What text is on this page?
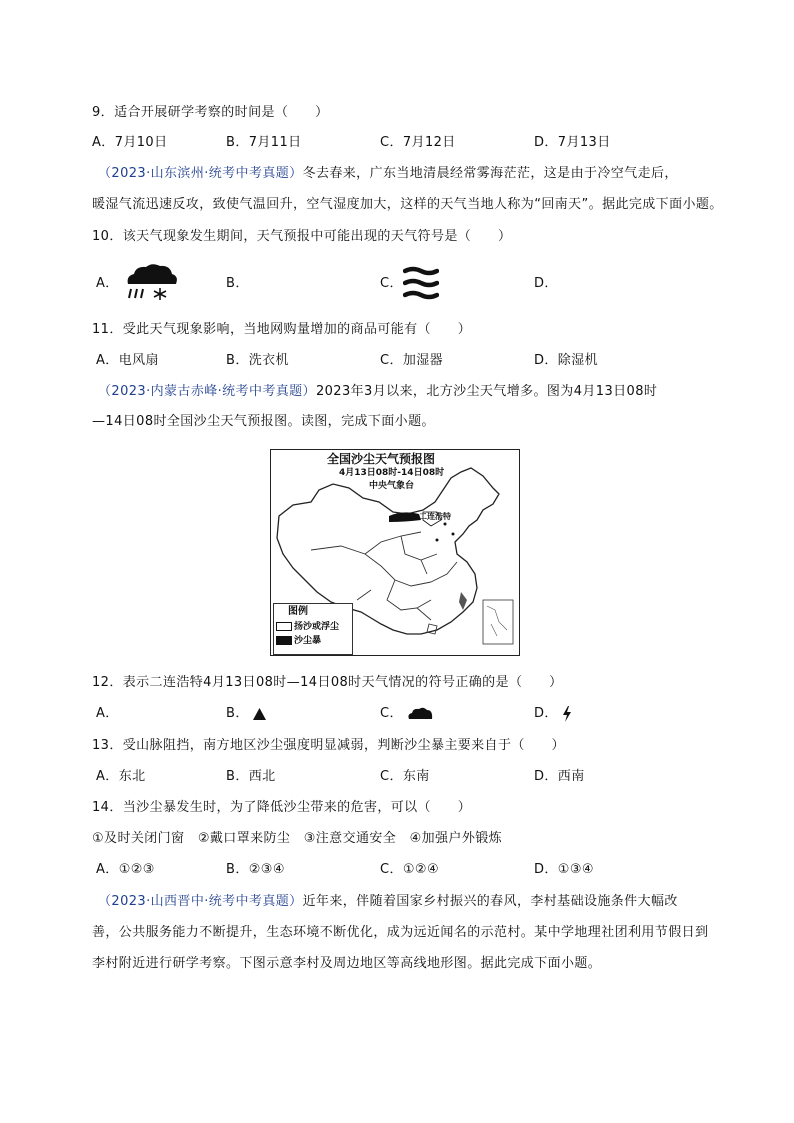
9．适合开展研学考察的时间是（　　）
A．7月10日	B．7月11日	C．7月12日	D．7月13日
（2023·山东滨州·统考中考真题）冬去春来，广东当地清晨经常雾海茫茫，这是由于冷空气走后，
暖湿气流迅速反攻，致使气温回升，空气湿度加大，这样的天气当地人称为“回南天”。据此完成下面小题。
10．该天气现象发生期间，天气预报中可能出现的天气符号是（　　）
A．	B．	C．	D．
11．受此天气现象影响，当地网购量增加的商品可能有（　　）
A．电风扇	B．洗衣机	C．加湿器	D．除湿机
（2023·内蒙古赤峰·统考中考真题）2023年3月以来，北方沙尘天气增多。图为4月13日08时
—14日08时全国沙尘天气预报图。读图，完成下面小题。
全国沙尘天气预报图
4月13日08时-14日08时
中央气象台
二连浩特
图例
扬沙或浮尘
沙尘暴
12．表示二连浩特4月13日08时—14日08时天气情况的符号正确的是（　　）
A．	B．	C．	D．
13．受山脉阻挡，南方地区沙尘强度明显减弱，判断沙尘暴主要来自于（　　）
A．东北	B．西北	C．东南	D．西南
14．当沙尘暴发生时，为了降低沙尘带来的危害，可以（　　）
①及时关闭门窗　②戴口罩来防尘　③注意交通安全　④加强户外锻炼
A．①②③	B．②③④	C．①②④	D．①③④
（2023·山西晋中·统考中考真题）近年来，伴随着国家乡村振兴的春风，李村基础设施条件大幅改
善，公共服务能力不断提升，生态环境不断优化，成为远近闻名的示范村。某中学地理社团利用节假日到
李村附近进行研学考察。下图示意李村及周边地区等高线地形图。据此完成下面小题。
